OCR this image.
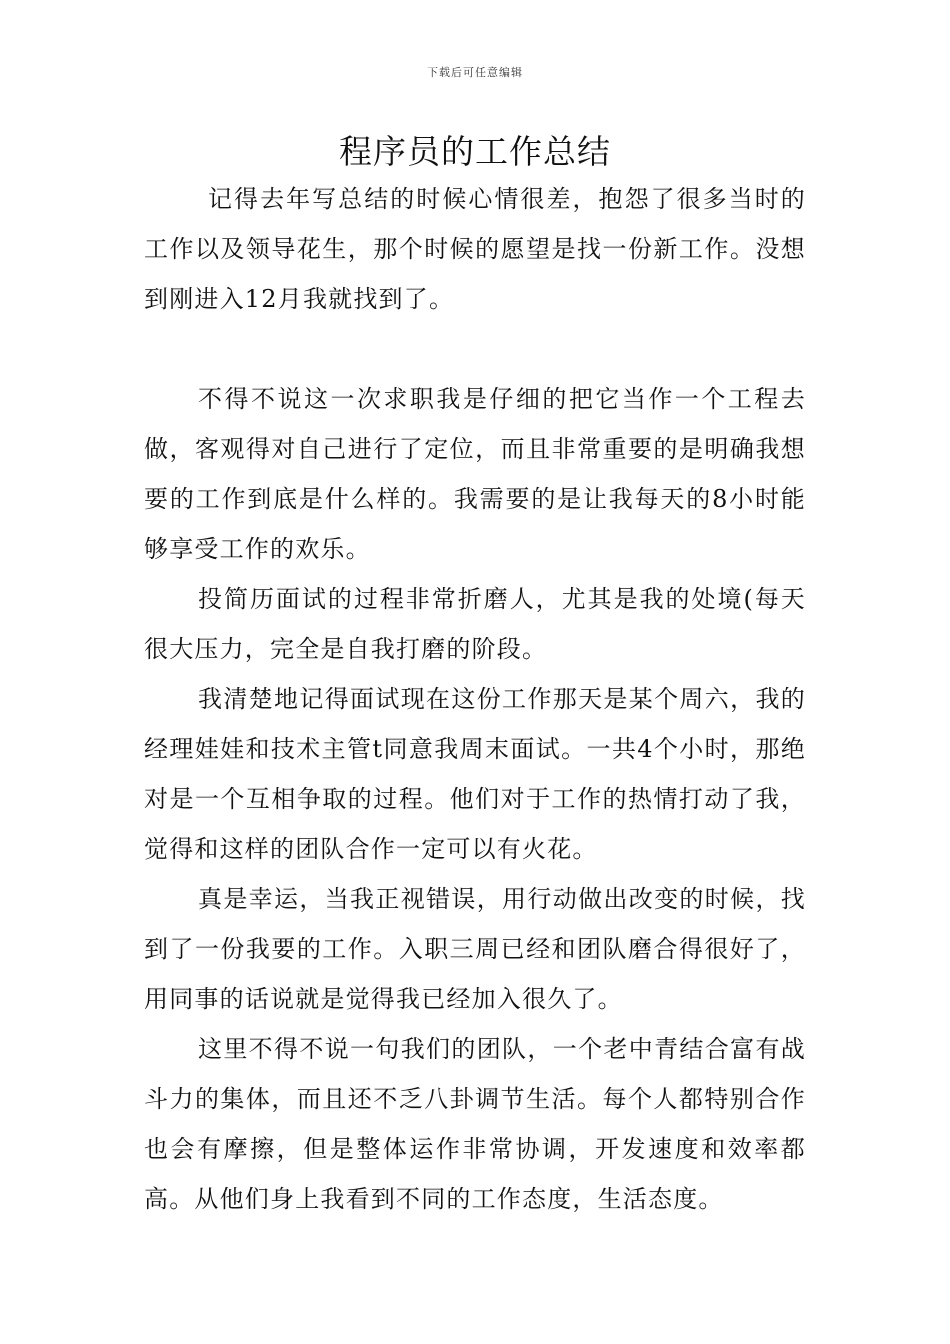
下载后可任意编辑
程序员的工作总结

记得去年写总结的时候心情很差，抱怨了很多当时的工作以及领导花生，那个时候的愿望是找一份新工作。没想到刚进入12月我就找到了。

不得不说这一次求职我是仔细的把它当作一个工程去做，客观得对自己进行了定位，而且非常重要的是明确我想要的工作到底是什么样的。我需要的是让我每天的8小时能够享受工作的欢乐。

投简历面试的过程非常折磨人，尤其是我的处境(每天很大压力，完全是自我打磨的阶段。

我清楚地记得面试现在这份工作那天是某个周六，我的经理娃娃和技术主管t同意我周末面试。一共4个小时，那绝对是一个互相争取的过程。他们对于工作的热情打动了我，觉得和这样的团队合作一定可以有火花。

真是幸运，当我正视错误，用行动做出改变的时候，找到了一份我要的工作。入职三周已经和团队磨合得很好了，用同事的话说就是觉得我已经加入很久了。

这里不得不说一句我们的团队，一个老中青结合富有战斗力的集体，而且还不乏八卦调节生活。每个人都特别合作也会有摩擦，但是整体运作非常协调，开发速度和效率都高。从他们身上我看到不同的工作态度，生活态度。
